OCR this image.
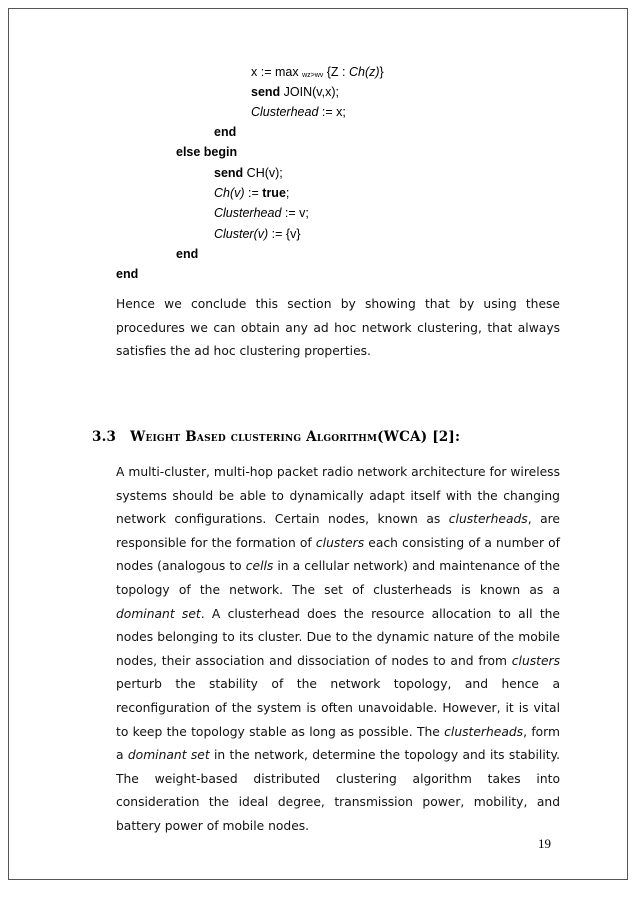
x := max wz>wv {Z : Ch(z)}
send JOIN(v,x);
Clusterhead := x;
end
else begin
send CH(v);
Ch(v) := true;
Clusterhead := v;
Cluster(v) := {v}
end
end

Hence we conclude this section by showing that by using these procedures we can obtain any ad hoc network clustering, that always satisfies the ad hoc clustering properties.

3.3 Weight Based clustering Algorithm(WCA) [2]:

A multi-cluster, multi-hop packet radio network architecture for wireless systems should be able to dynamically adapt itself with the changing network configurations. Certain nodes, known as clusterheads, are responsible for the formation of clusters each consisting of a number of nodes (analogous to cells in a cellular network) and maintenance of the topology of the network. The set of clusterheads is known as a dominant set. A clusterhead does the resource allocation to all the nodes belonging to its cluster. Due to the dynamic nature of the mobile nodes, their association and dissociation of nodes to and from clusters perturb the stability of the network topology, and hence a reconfiguration of the system is often unavoidable. However, it is vital to keep the topology stable as long as possible. The clusterheads, form a dominant set in the network, determine the topology and its stability. The weight-based distributed clustering algorithm takes into consideration the ideal degree, transmission power, mobility, and battery power of mobile nodes.

19
